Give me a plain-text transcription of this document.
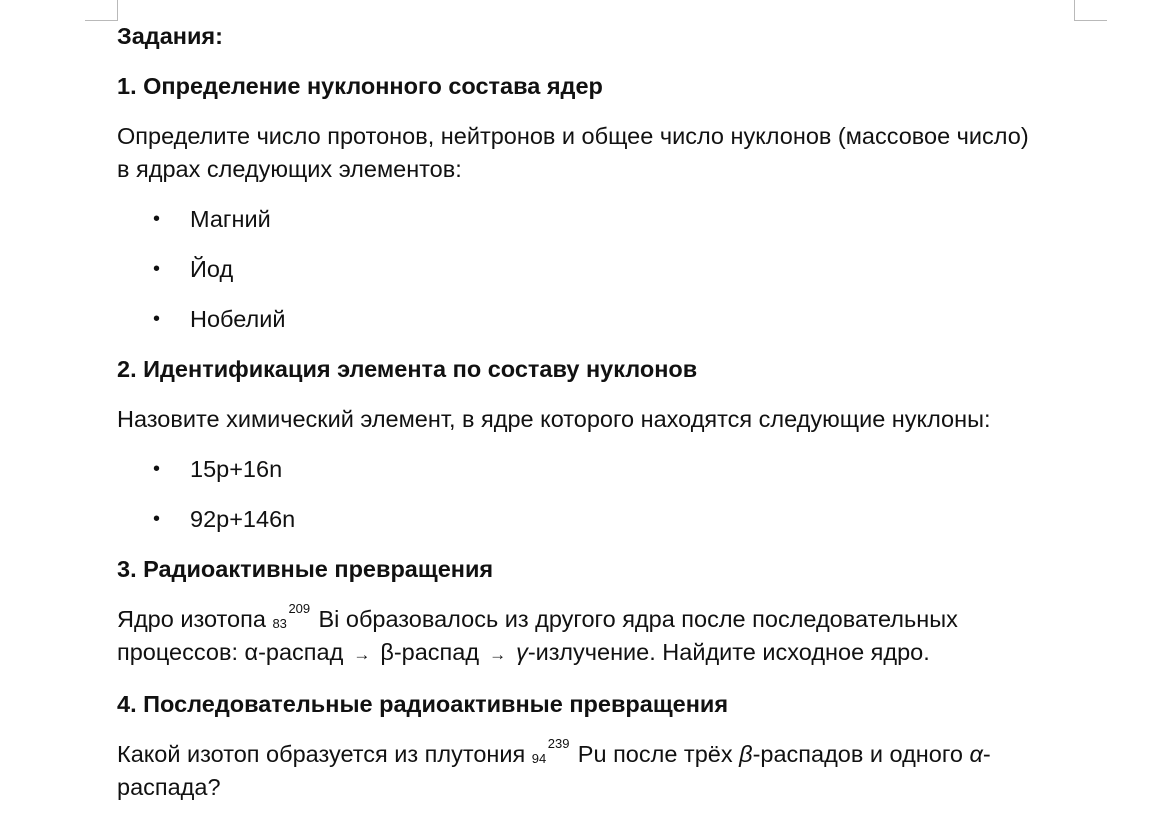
Задания:

1. Определение нуклонного состава ядер

Определите число протонов, нейтронов и общее число нуклонов (массовое число)

в ядрах следующих элементов:

• Магний
• Йод
• Нобелий

2. Идентификация элемента по составу нуклонов

Назовите химический элемент, в ядре которого находятся следующие нуклоны:

• 15p+16n
• 92p+146n

3. Радиоактивные превращения

Ядро изотопа 83
209 Bi образовалось из другого ядра после последовательных

процессов: α-распад → β-распад → γ-излучение. Найдите исходное ядро.

4. Последовательные радиоактивные превращения

Какой изотоп образуется из плутония 94
239 Pu после трёх β-распадов и одного α-

распада?
